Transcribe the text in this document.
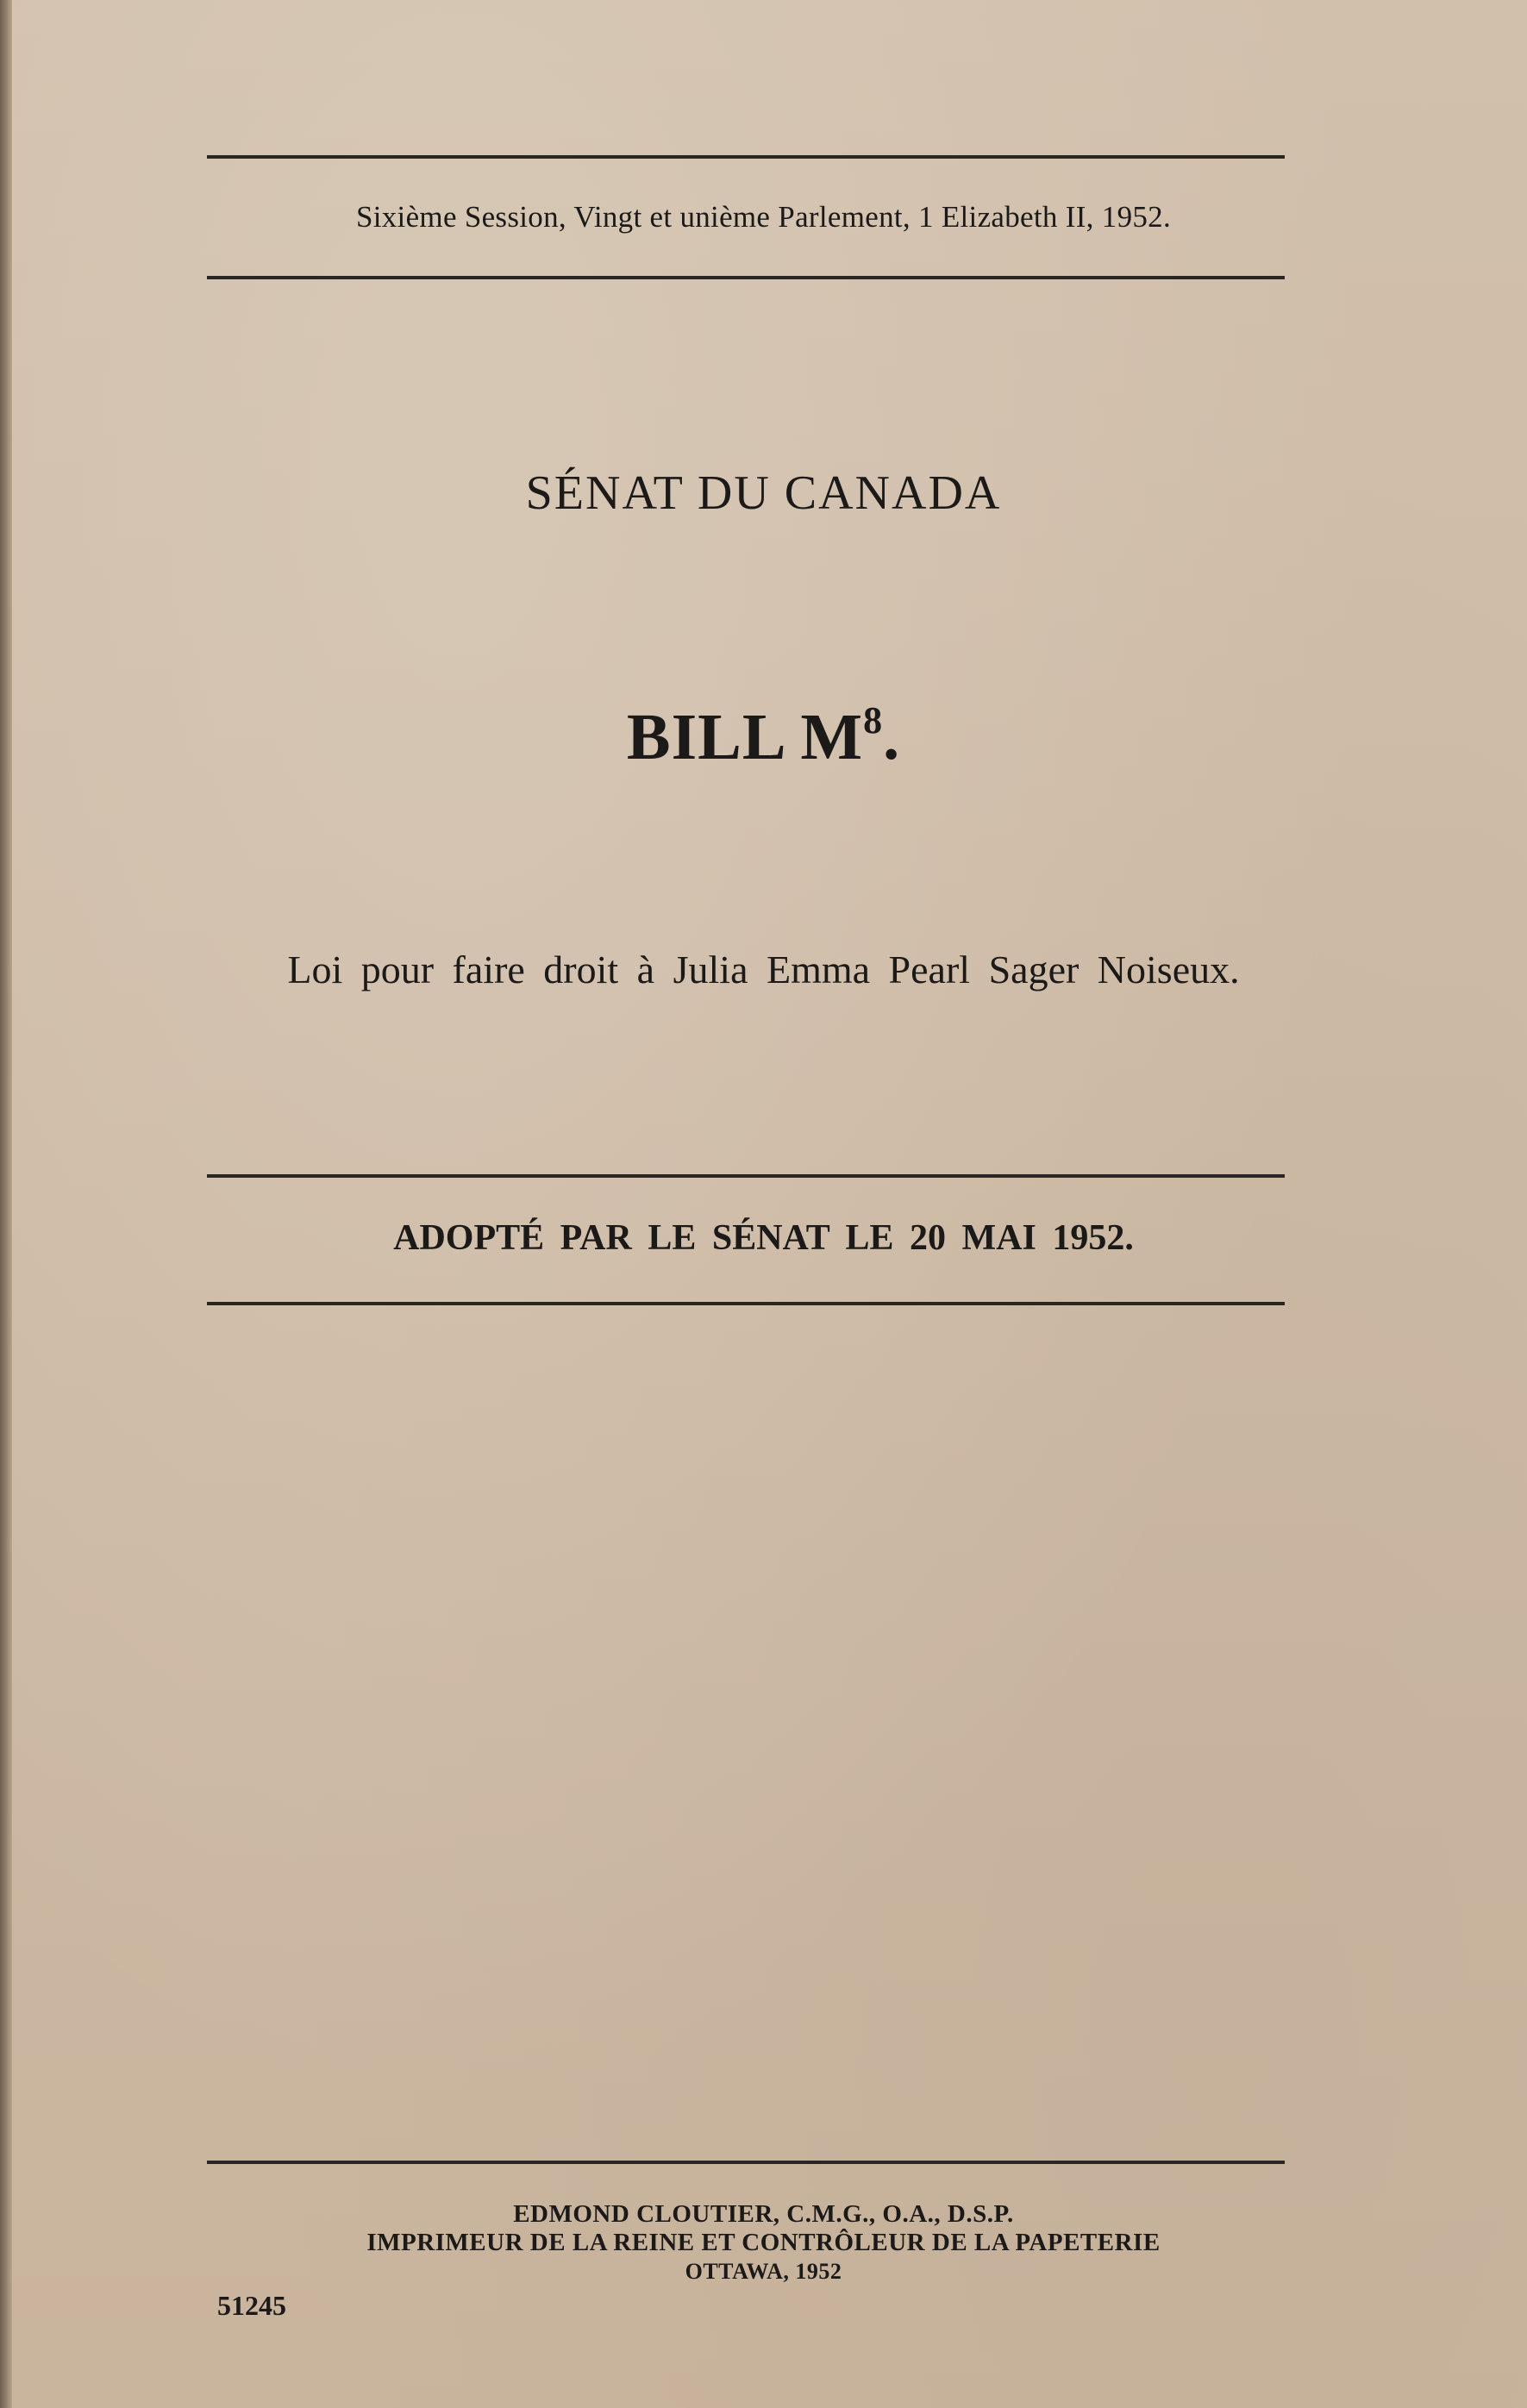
Sixième Session, Vingt et unième Parlement, 1 Elizabeth II, 1952.
SÉNAT DU CANADA
BILL $M^8$.
Loi pour faire droit à Julia Emma Pearl Sager Noiseux.
ADOPTÉ PAR LE SÉNAT LE 20 MAI 1952.
EDMOND CLOUTIER, C.M.G., O.A., D.S.P.
IMPRIMEUR DE LA REINE ET CONTRÔLEUR DE LA PAPETERIE
OTTAWA, 1952
51245
